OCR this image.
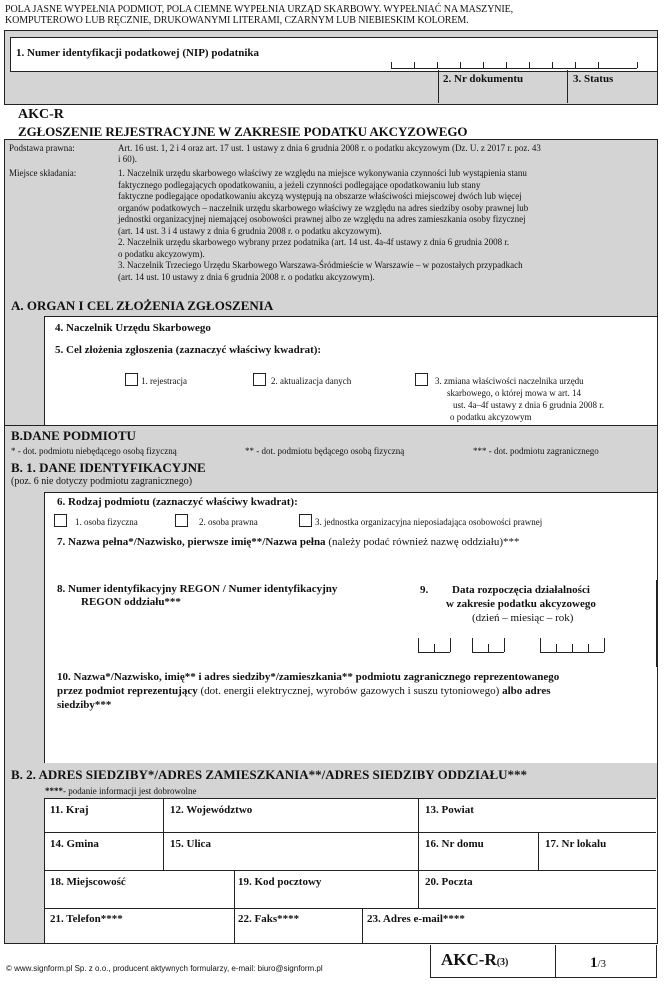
POLA JASNE WYPEŁNIA PODMIOT, POLA CIEMNE WYPEŁNIA URZĄD SKARBOWY. WYPEŁNIAĆ NA MASZYNIE,
KOMPUTEROWO LUB RĘCZNIE, DRUKOWANYMI LITERAMI, CZARNYM LUB NIEBIESKIM KOLOREM.
1. Numer identyfikacji podatkowej (NIP) podatnika
2. Nr dokumentu	3. Status
AKC-R
ZGŁOSZENIE REJESTRACYJNE W ZAKRESIE PODATKU AKCYZOWEGO
Podstawa prawna:	Art. 16 ust. 1, 2 i 4 oraz art. 17 ust. 1 ustawy z dnia 6 grudnia 2008 r. o podatku akcyzowym (Dz. U. z 2017 r. poz. 43
i 60).
Miejsce składania:	1. Naczelnik urzędu skarbowego właściwy ze względu na miejsce wykonywania czynności lub wystąpienia stanu
faktycznego podlegających opodatkowaniu, a jeżeli czynności podlegające opodatkowaniu lub stany
faktyczne podlegające opodatkowaniu akcyzą występują na obszarze właściwości miejscowej dwóch lub więcej
organów podatkowych – naczelnik urzędu skarbowego właściwy ze względu na adres siedziby osoby prawnej lub
jednostki organizacyjnej niemającej osobowości prawnej albo ze względu na adres zamieszkania osoby fizycznej
(art. 14 ust. 3 i 4 ustawy z dnia 6 grudnia 2008 r. o podatku akcyzowym).
2. Naczelnik urzędu skarbowego wybrany przez podatnika (art. 14 ust. 4a-4f ustawy z dnia 6 grudnia 2008 r.
o podatku akcyzowym).
3. Naczelnik Trzeciego Urzędu Skarbowego Warszawa-Śródmieście w Warszawie – w pozostałych przypadkach
(art. 14 ust. 10 ustawy z dnia 6 grudnia 2008 r. o podatku akcyzowym).
A. ORGAN I CEL ZŁOŻENIA ZGŁOSZENIA
4. Naczelnik Urzędu Skarbowego
5. Cel złożenia zgłoszenia (zaznaczyć właściwy kwadrat):
1. rejestracja	2. aktualizacja danych	3. zmiana właściwości naczelnika urzędu
skarbowego, o której mowa w art. 14
ust. 4a–4f ustawy z dnia 6 grudnia 2008 r.
o podatku akcyzowym
B.DANE PODMIOTU
* - dot. podmiotu niebędącego osobą fizyczną	** - dot. podmiotu będącego osobą fizyczną	*** - dot. podmiotu zagranicznego
B. 1. DANE IDENTYFIKACYJNE
(poz. 6 nie dotyczy podmiotu zagranicznego)
6. Rodzaj podmiotu (zaznaczyć właściwy kwadrat):
1. osoba fizyczna	2. osoba prawna	3. jednostka organizacyjna nieposiadająca osobowości prawnej
7. Nazwa pełna*/Nazwisko, pierwsze imię**/Nazwa pełna (należy podać również nazwę oddziału)***
8. Numer identyfikacyjny REGON / Numer identyfikacyjny
REGON oddziału***
9. Data rozpoczęcia działalności
w zakresie podatku akcyzowego
(dzień – miesiąc – rok)
10. Nazwa*/Nazwisko, imię** i adres siedziby*/zamieszkania** podmiotu zagranicznego reprezentowanego
przez podmiot reprezentujący (dot. energii elektrycznej, wyrobów gazowych i suszu tytoniowego) albo adres
siedziby***
B. 2. ADRES SIEDZIBY*/ADRES ZAMIESZKANIA**/ADRES SIEDZIBY ODDZIAŁU***
****- podanie informacji jest dobrowolne
11. Kraj	12. Województwo	13. Powiat
14. Gmina	15. Ulica	16. Nr domu	17. Nr lokalu
18. Miejscowość	19. Kod pocztowy	20. Poczta
21. Telefon****	22. Faks****	23. Adres e-mail****
© www.signform.pl Sp. z o.o., producent aktywnych formularzy, e-mail: biuro@signform.pl	AKC-R(3)	1/3
